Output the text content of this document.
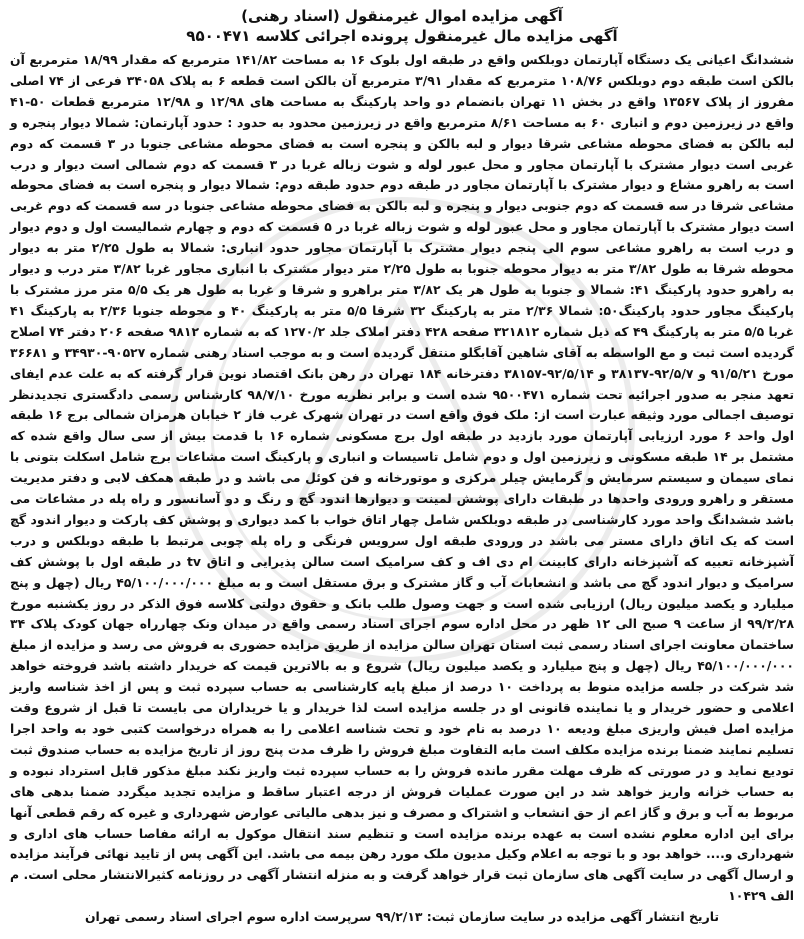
آگهی مزایده اموال غیرمنقول (اسناد رهنی)

آگهی مزایده مال غیرمنقول پرونده اجرائی کلاسه ۹۵۰۰۴۷۱

ششدانگ اعیانی یک دستگاه آپارتمان دوبلکس واقع در طبقه اول بلوک ۱۶ به مساحت ۱۴۱/۸۲ مترمربع که مقدار ۱۸/۹۹ مترمربع آن بالکن است طبقه دوم دوبلکس ۱۰۸/۷۶ مترمربع که مقدار ۳/۹۱ مترمربع آن بالکن است قطعه ۶ به پلاک ۳۴۰۵۸ فرعی از ۷۴ اصلی مفروز از پلاک ۱۳۵۶۷ واقع در بخش ۱۱ تهران بانضمام دو واحد پارکینگ به مساحت های ۱۲/۹۸ و ۱۲/۹۸ مترمربع قطعات ۵۰-۴۱ واقع در زیرزمین دوم و انباری ۶۰ به مساحت ۸/۶۱ مترمربع واقع در زیرزمین محدود به حدود : حدود آپارتمان: شمالا دیوار پنجره و لبه بالکن به فضای محوطه مشاعی شرقا دیوار و لبه بالکن و پنجره است به فضای محوطه مشاعی جنوبا در ۳ قسمت که دوم غربی است دیوار مشترک با آپارتمان مجاور و محل عبور لوله و شوت زباله غربا در ۳ قسمت که دوم شمالی است دیوار و درب است به راهرو مشاع و دیوار مشترک با آپارتمان مجاور در طبقه دوم حدود طبقه دوم: شمالا دیوار و پنجره است به فضای محوطه مشاعی شرقا در سه قسمت که دوم جنوبی دیوار و پنجره و لبه بالکن به فضای محوطه مشاعی جنوبا در سه قسمت که دوم غربی است دیوار مشترک با آپارتمان مجاور و محل عبور لوله و شوت زباله غربا در ۵ قسمت که دوم و چهارم شمالیست اول و دوم دیوار و درب است به راهرو مشاعی سوم الی پنجم دیوار مشترک با آپارتمان مجاور حدود انباری: شمالا به طول ۲/۲۵ متر به دیوار محوطه شرقا به طول ۳/۸۲ متر به دیوار محوطه جنوبا به طول ۲/۲۵ متر دیوار مشترک با انباری مجاور غربا ۳/۸۲ متر درب و دیوار به راهرو حدود پارکینگ ۴۱: شمالا و جنوبا به طول هر یک ۳/۸۲ متر براهرو و شرقا و غربا به طول هر یک ۵/۵ متر مرز مشترک با پارکینگ مجاور حدود پارکینگ۵۰: شمالا ۲/۳۶ متر به پارکینگ ۳۲ شرقا ۵/۵ متر به پارکینگ ۴۰ و محوطه جنوبا ۲/۳۶ به پارکینگ ۴۱ غربا ۵/۵ متر به پارکینگ ۴۹ که ذیل شماره ۳۲۱۸۱۲ صفحه ۴۲۸ دفتر املاک جلد ۱۲۷۰/۲ که به شماره ۹۸۱۲ صفحه ۲۰۶ دفتر ۷۴ اصلاح گردیده است ثبت و مع الواسطه به آقای شاهین آقابگلو منتقل گردیده است و به موجب اسناد رهنی شماره ۹۰۵۲۷-۳۴۹۳۰ و ۳۶۶۸۱ مورخ ۹۱/۵/۲۱ و ۹۲/۵/۷-۳۸۱۳۷ و ۹۲/۵/۱۴-۳۸۱۵۷ دفترخانه ۱۸۴ تهران در رهن بانک اقتصاد نوین قرار گرفته که به علت عدم ایفای تعهد منجر به صدور اجرائیه تحت شماره ۹۵۰۰۴۷۱ شده است و برابر نظریه مورخ ۹۸/۷/۱۰ کارشناس رسمی دادگستری تجدیدنظر توصیف اجمالی مورد وثیقه عبارت است از: ملک فوق واقع است در تهران شهرک غرب فاز ۲ خیابان هرمزان شمالی برج ۱۶ طبقه اول واحد ۶ مورد ارزیابی آپارتمان مورد بازدید در طبقه اول برج مسکونی شماره ۱۶ با قدمت بیش از سی سال واقع شده که مشتمل بر ۱۴ طبقه مسکونی و زیرزمین اول و دوم شامل تاسیسات و انباری و پارکینگ است مشاعات برج شامل اسکلت بتونی با نمای سیمان و سیستم سرمایش و گرمایش چیلر مرکزی و موتورخانه و فن کوئل می باشد و در طبقه همکف لابی و دفتر مدیریت مستقر و راهرو ورودی واحدها در طبقات دارای پوشش لمینت و دیوارها اندود گچ و رنگ و دو آسانسور و راه پله در مشاعات می باشد ششدانگ واحد مورد کارشناسی در طبقه دوبلکس شامل چهار اتاق خواب با کمد دیواری و پوشش کف پارکت و دیوار اندود گچ است که یک اتاق دارای مستر می باشد در ورودی طبقه اول سرویس فرنگی و راه پله چوبی مرتبط با طبقه دوبلکس و درب آشپزخانه تعبیه که آشپزخانه دارای کابینت ام دی اف و کف سرامیک است سالن پذیرایی و اتاق tv در طبقه اول با پوشش کف سرامیک و دیوار اندود گچ می باشد و انشعابات آب و گاز مشترک و برق مستقل است و به مبلغ ۴۵/۱۰۰/۰۰۰/۰۰۰ ریال (چهل و پنج میلیارد و یکصد میلیون ریال) ارزیابی شده است و جهت وصول طلب بانک و حقوق دولتی کلاسه فوق الذکر در روز یکشنبه مورخ ۹۹/۲/۲۸ از ساعت ۹ صبح الی ۱۲ ظهر در محل اداره سوم اجرای اسناد رسمی واقع در میدان ونک چهارراه جهان کودک پلاک ۳۴ ساختمان معاونت اجرای اسناد رسمی ثبت استان تهران سالن مزایده از طریق مزایده حضوری به فروش می رسد و مزایده از مبلغ ۴۵/۱۰۰/۰۰۰/۰۰۰ ریال (چهل و پنج میلیارد و یکصد میلیون ریال) شروع و به بالاترین قیمت که خریدار داشته باشد فروخته خواهد شد شرکت در جلسه مزایده منوط به پرداخت ۱۰ درصد از مبلغ پایه کارشناسی به حساب سپرده ثبت و پس از اخذ شناسه واریز اعلامی و حضور خریدار و یا نماینده قانونی او در جلسه مزایده است لذا خریدار و یا خریداران می بایست تا قبل از شروع وقت مزایده اصل فیش واریزی مبلغ ودیعه ۱۰ درصد به نام خود و تحت شناسه اعلامی را به همراه درخواست کتبی خود به واحد اجرا تسلیم نمایند ضمنا برنده مزایده مکلف است مابه التفاوت مبلغ فروش را ظرف مدت پنج روز از تاریخ مزایده به حساب صندوق ثبت تودیع نماید و در صورتی که ظرف مهلت مقرر مانده فروش را به حساب سپرده ثبت واریز نکند مبلغ مذکور قابل استرداد نبوده و به حساب خزانه واریز خواهد شد در این صورت عملیات فروش از درجه اعتبار ساقط و مزایده تجدید میگردد ضمنا بدهی های مربوط به آب و برق و گاز اعم از حق انشعاب و اشتراک و مصرف و نیز بدهی مالیاتی عوارض شهرداری و غیره که رقم قطعی آنها برای این اداره معلوم نشده است به عهده برنده مزایده است و تنظیم سند انتقال موکول به ارائه مفاصا حساب های اداری و شهرداری و.... خواهد بود و با توجه به اعلام وکیل مدیون ملک مورد رهن بیمه می باشد. این آگهی پس از تایید نهائی فرآیند مزایده و ارسال آگهی در سایت آگهی های سازمان ثبت قرار خواهد گرفت و به منزله انتشار آگهی در روزنامه کثیرالانتشار محلی است. م الف ۱۰۴۲۹

تاریخ انتشار آگهی مزایده در سایت سازمان ثبت: ۹۹/۲/۱۳ سرپرست اداره سوم اجرای اسناد رسمی تهران
